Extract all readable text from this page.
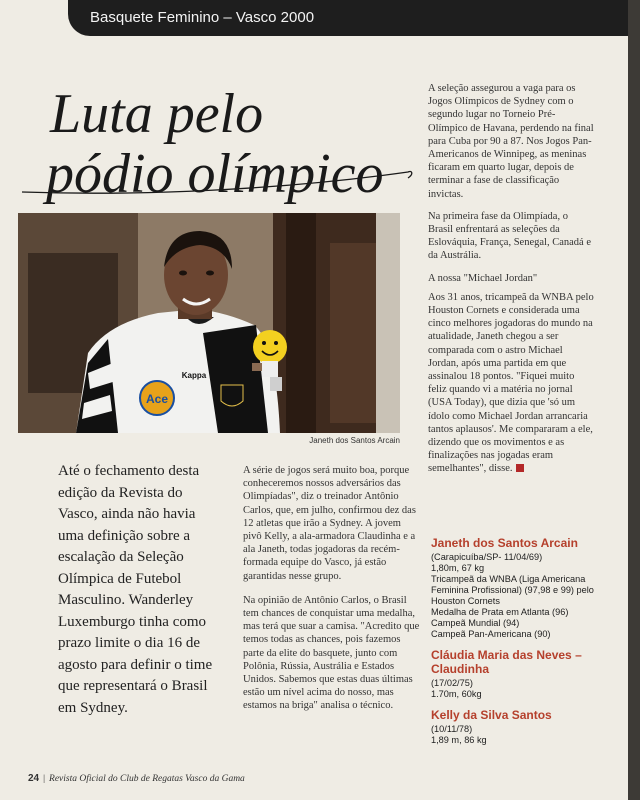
Basquete Feminino – Vasco 2000
Luta pelo
pódio olímpico
Ace
Kappa
Janeth dos Santos Arcain

Até o fechamento desta edição da Revista do Vasco, ainda não havia uma definição sobre a escalação da Seleção Olímpica de Futebol Masculino. Wanderley Luxemburgo tinha como prazo limite o dia 16 de agosto para definir o time que representará o Brasil em Sydney.

A série de jogos será muito boa, porque conheceremos nossos adversários das Olimpíadas", diz o treinador Antônio Carlos, que, em julho, confirmou dez das 12 atletas que irão a Sydney. A jovem pivô Kelly, a ala-armadora Claudinha e a ala Janeth, todas jogadoras da recém-formada equipe do Vasco, já estão garantidas nesse grupo.

Na opinião de Antônio Carlos, o Brasil tem chances de conquistar uma medalha, mas terá que suar a camisa. "Acredito que temos todas as chances, pois fazemos parte da elite do basquete, junto com Polônia, Rússia, Austrália e Estados Unidos. Sabemos que estas duas últimas estão um nível acima do nosso, mas estamos na briga" analisa o técnico.

A seleção assegurou a vaga para os Jogos Olímpicos de Sydney com o segundo lugar no Torneio Pré-Olímpico de Havana, perdendo na final para Cuba por 90 a 87. Nos Jogos Pan-Americanos de Winnipeg, as meninas ficaram em quarto lugar, depois de terminar a fase de classificação invictas.

Na primeira fase da Olimpíada, o Brasil enfrentará as seleções da Eslováquia, França, Senegal, Canadá e da Austrália.

A nossa "Michael Jordan"

Aos 31 anos, tricampeã da WNBA pelo Houston Cornets e considerada uma cinco melhores jogadoras do mundo na atualidade, Janeth chegou a ser comparada com o astro Michael Jordan, após uma partida em que assinalou 18 pontos. "Fiquei muito feliz quando vi a matéria no jornal (USA Today), que dizia que 'só um ídolo como Michael Jordan arrancaria tantos aplausos'. Me compararam a ele, dizendo que os movimentos e as finalizações nas jogadas eram semelhantes", disse.

Janeth dos Santos Arcain

(Carapicuíba/SP- 11/04/69)

1,80m, 67 kg

Tricampeã da WNBA (Liga Americana Feminina Profissional) (97,98 e 99) pelo Houston Cornets

Medalha de Prata em Atlanta (96)

Campeã Mundial (94)

Campeã Pan-Americana (90)

Cláudia Maria das Neves – Claudinha

(17/02/75)

1.70m, 60kg

Kelly da Silva Santos

(10/11/78)

1,89 m, 86 kg

24 | Revista Oficial do Club de Regatas Vasco da Gama
